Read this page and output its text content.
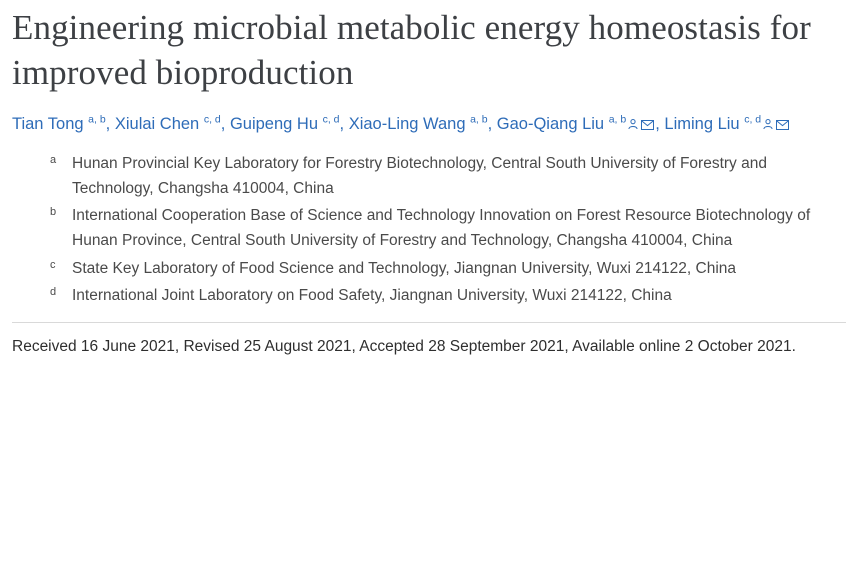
Engineering microbial metabolic energy homeostasis for improved bioproduction
Tian Tong $^{a, b}$, Xiulai Chen $^{c, d}$, Guipeng Hu $^{c, d}$, Xiao-Ling Wang $^{a, b}$, Gao-Qiang Liu $^{a, b}$ , Liming Liu $^{c, d}$
a	Hunan Provincial Key Laboratory for Forestry Biotechnology, Central South University of Forestry and Technology, Changsha 410004, China
b	International Cooperation Base of Science and Technology Innovation on Forest Resource Biotechnology of Hunan Province, Central South University of Forestry and Technology, Changsha 410004, China
c	State Key Laboratory of Food Science and Technology, Jiangnan University, Wuxi 214122, China
d	International Joint Laboratory on Food Safety, Jiangnan University, Wuxi 214122, China
Received 16 June 2021, Revised 25 August 2021, Accepted 28 September 2021, Available online 2 October 2021.
